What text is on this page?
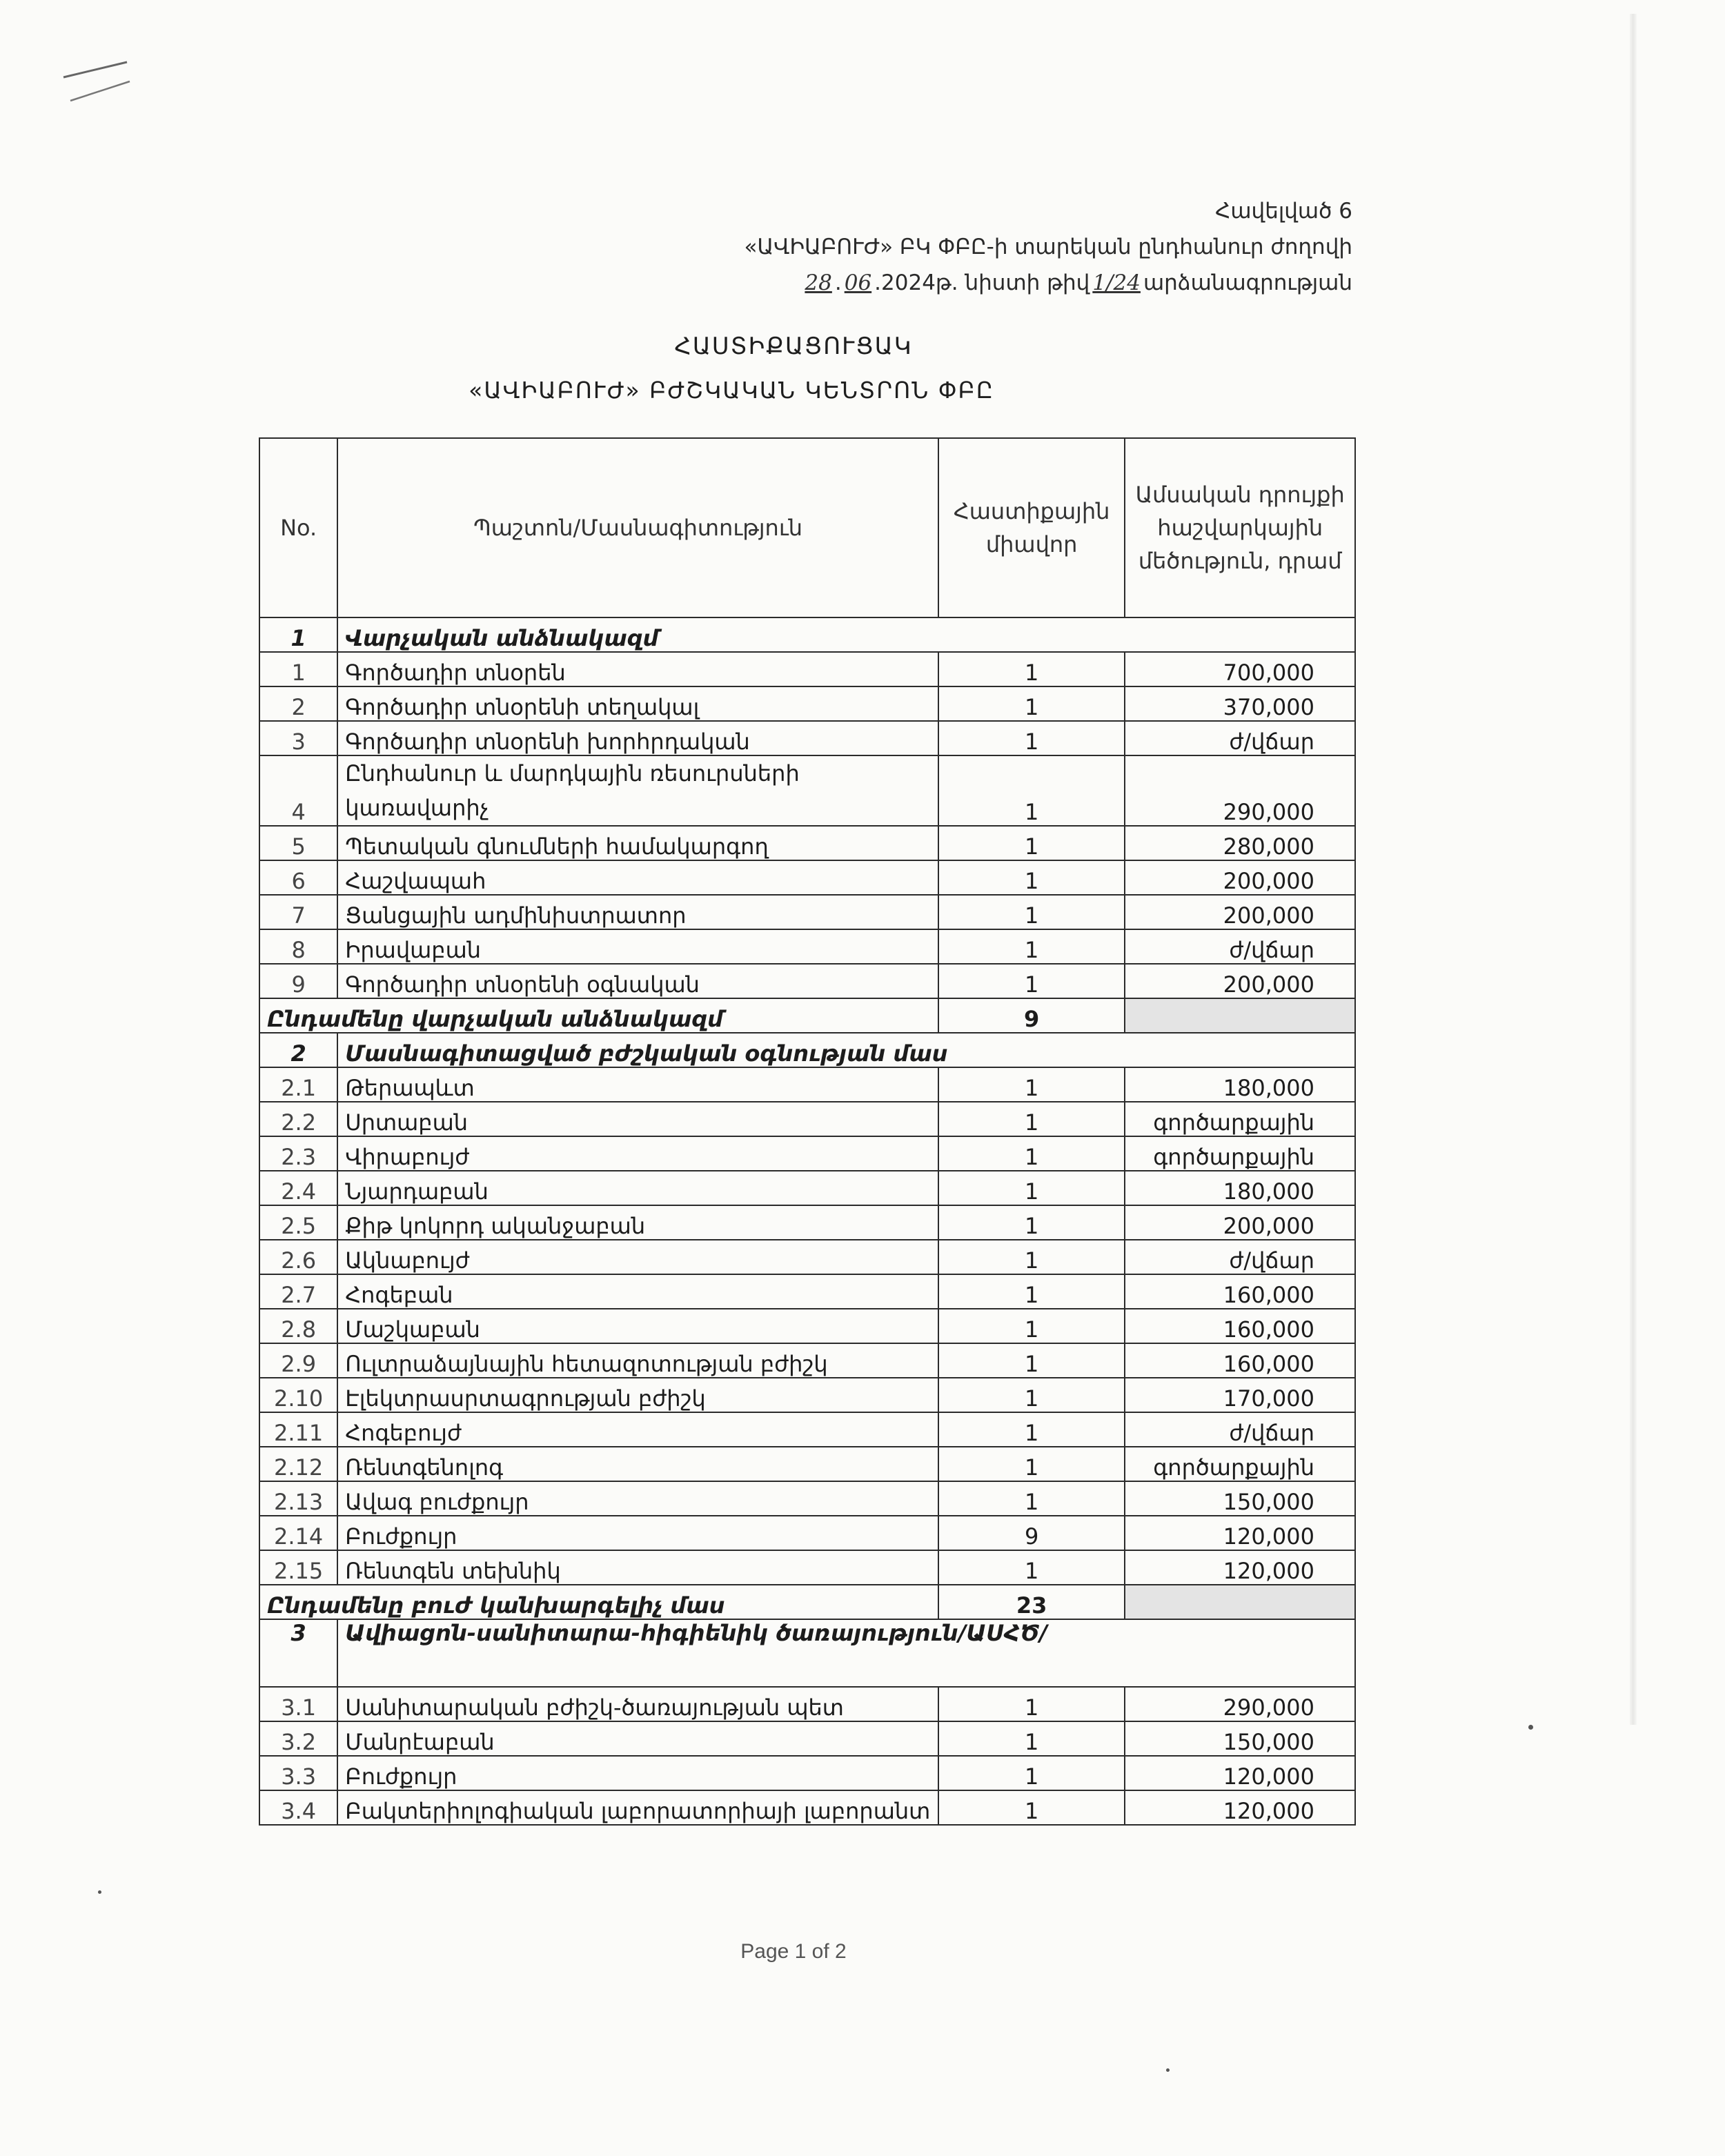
Հավելված 6
«ԱՎԻԱԲՈՒԺ» ԲԿ ՓԲԸ-ի տարեկան ընդհանուր ժողովի
28 . 06 .2024թ. նիստի թիվ 1/24 արձանագրության
ՀԱՍՏԻՔԱՑՈՒՑԱԿ
«ԱՎԻԱԲՈՒԺ» ԲԺՇԿԱԿԱՆ ԿԵՆՏՐՈՆ ՓԲԸ
No.	Պաշտոն/Մասնագիտություն	Հաստիքային միավոր	Ամսական դրույքի հաշվարկային մեծություն, դրամ
1	Վարչական անձնակազմ		
1	Գործադիր տնօրեն	1	700,000
2	Գործադիր տնօրենի տեղակալ	1	370,000
3	Գործադիր տնօրենի խորհրդական	1	ժ/վճար
4	Ընդհանուր և մարդկային ռեսուրսների կառավարիչ	1	290,000
5	Պետական գնումների համակարգող	1	280,000
6	Հաշվապահ	1	200,000
7	Ցանցային ադմինիստրատոր	1	200,000
8	Իրավաբան	1	ժ/վճար
9	Գործադիր տնօրենի օգնական	1	200,000
Ընդամենը վարչական անձնակազմ		9	
2	Մասնագիտացված բժշկական օգնության մաս		
2.1	Թերապևտ	1	180,000
2.2	Սրտաբան	1	գործարքային
2.3	Վիրաբույժ	1	գործարքային
2.4	Նյարդաբան	1	180,000
2.5	Քիթ կոկորդ ականջաբան	1	200,000
2.6	Ակնաբույժ	1	ժ/վճար
2.7	Հոգեբան	1	160,000
2.8	Մաշկաբան	1	160,000
2.9	Ուլտրաձայնային հետազոտության բժիշկ	1	160,000
2.10	Էլեկտրասրտագրության բժիշկ	1	170,000
2.11	Հոգեբույժ	1	ժ/վճար
2.12	Ռենտգենոլոգ	1	գործարքային
2.13	Ավագ բուժքույր	1	150,000
2.14	Բուժքույր	9	120,000
2.15	Ռենտգեն տեխնիկ	1	120,000
Ընդամենը բուժ կանխարգելիչ մաս		23	
3	Ավիացոն-սանիտարա-հիգիենիկ ծառայություն/ԱՍՀԾ/		
3.1	Սանիտարական բժիշկ-ծառայության պետ	1	290,000
3.2	Մանրէաբան	1	150,000
3.3	Բուժքույր	1	120,000
3.4	Բակտերիոլոգիական լաբորատորիայի լաբորանտ	1	120,000
Page 1 of 2
